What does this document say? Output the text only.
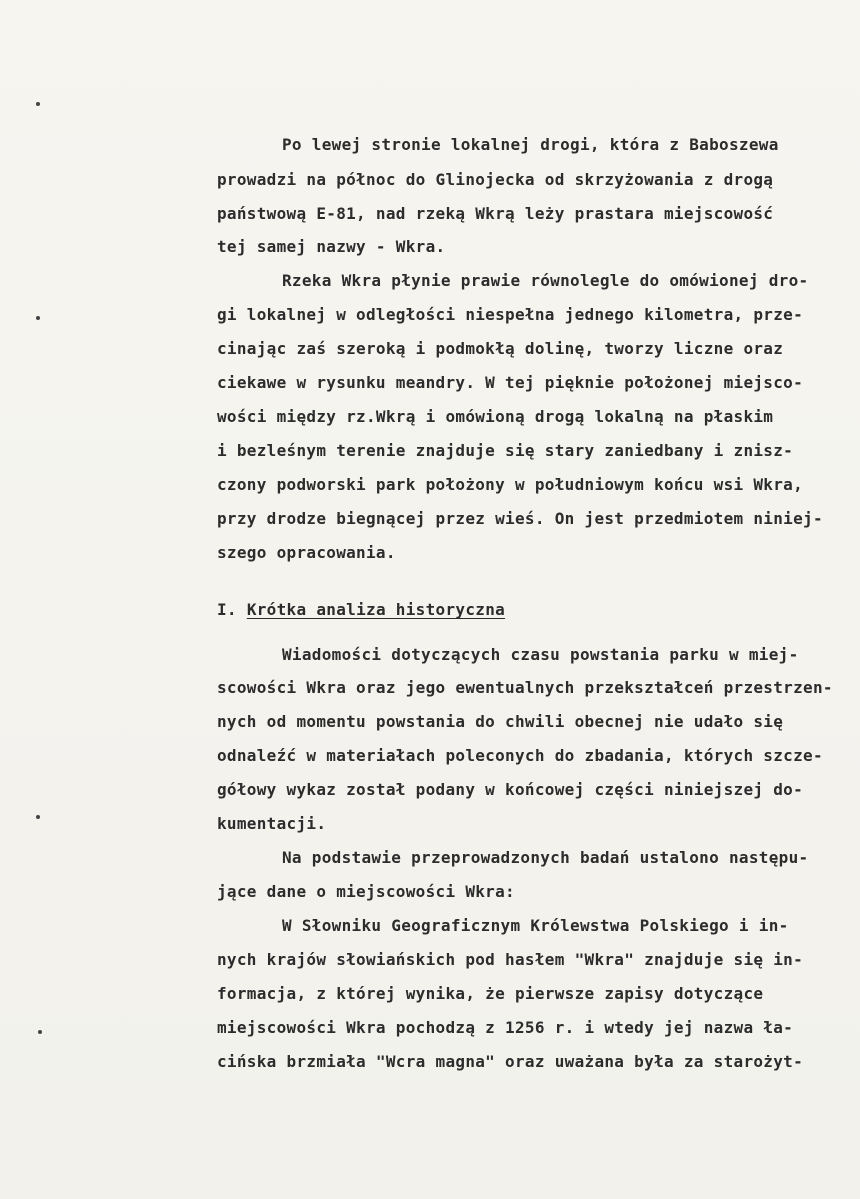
Po lewej stronie lokalnej drogi, która z Baboszewa
prowadzi na północ do Glinojecka od skrzyżowania z drogą
państwową E-81, nad rzeką Wkrą leży prastara miejscowość
tej samej nazwy - Wkra.
Rzeka Wkra płynie prawie równolegle do omówionej dro-
gi lokalnej w odległości niespełna jednego kilometra, prze-
cinając zaś szeroką i podmokłą dolinę, tworzy liczne oraz
ciekawe w rysunku meandry. W tej pięknie położonej miejsco-
wości między rz.Wkrą i omówioną drogą lokalną na płaskim
i bezleśnym terenie znajduje się stary zaniedbany i znisz-
czony podworski park położony w południowym końcu wsi Wkra,
przy drodze biegnącej przez wieś. On jest przedmiotem niniej-
szego opracowania.
I. Krótka analiza historyczna
Wiadomości dotyczących czasu powstania parku w miej-
scowości Wkra oraz jego ewentualnych przekształceń przestrzen-
nych od momentu powstania do chwili obecnej nie udało się
odnaleźć w materiałach poleconych do zbadania, których szcze-
gółowy wykaz został podany w końcowej części niniejszej do-
kumentacji.
Na podstawie przeprowadzonych badań ustalono następu-
jące dane o miejscowości Wkra:
W Słowniku Geograficznym Królewstwa Polskiego i in-
nych krajów słowiańskich pod hasłem "Wkra" znajduje się in-
formacja, z której wynika, że pierwsze zapisy dotyczące
miejscowości Wkra pochodzą z 1256 r. i wtedy jej nazwa ła-
cińska brzmiała "Wcra magna" oraz uważana była za starożyt-
